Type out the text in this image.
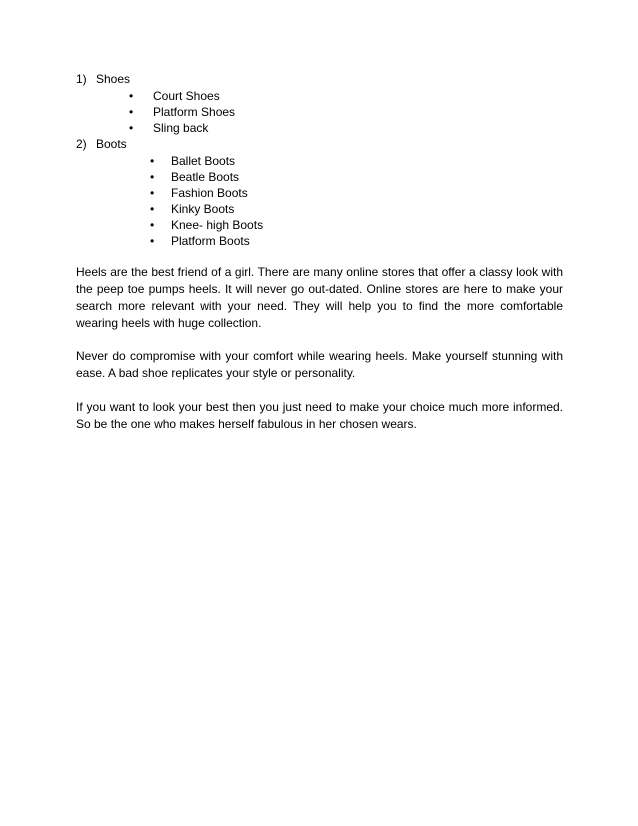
1) Shoes
• Court Shoes
• Platform Shoes
• Sling back
2) Boots
• Ballet Boots
• Beatle Boots
• Fashion Boots
• Kinky Boots
• Knee- high Boots
• Platform Boots

Heels are the best friend of a girl. There are many online stores that offer a classy look with the peep toe pumps heels. It will never go out-dated. Online stores are here to make your search more relevant with your need. They will help you to find the more comfortable wearing heels with huge collection.

Never do compromise with your comfort while wearing heels. Make yourself stunning with ease. A bad shoe replicates your style or personality.

If you want to look your best then you just need to make your choice much more informed. So be the one who makes herself fabulous in her chosen wears.
